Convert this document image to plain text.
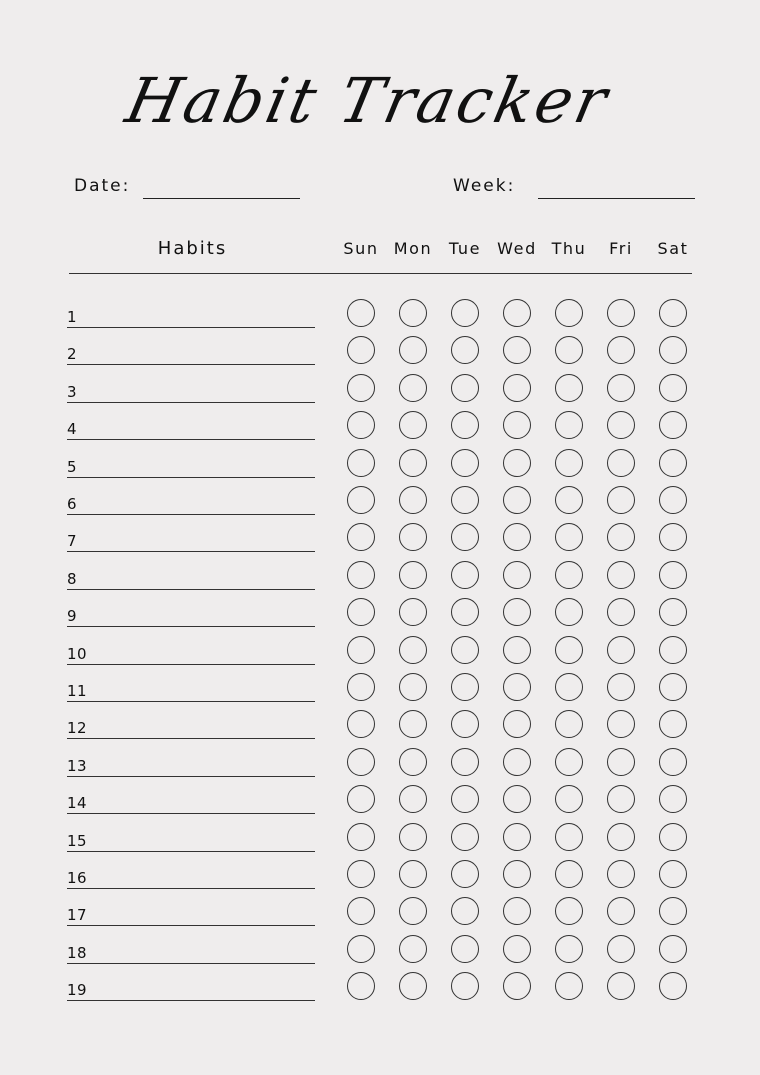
Habit Tracker
Date:	Week:
Habits	Sun Mon	Tue	Wed Thu	Fri	Sat
1
2
3
4
5
6
7
8
9
10
11
12
13
14
15
16
17
18
19
